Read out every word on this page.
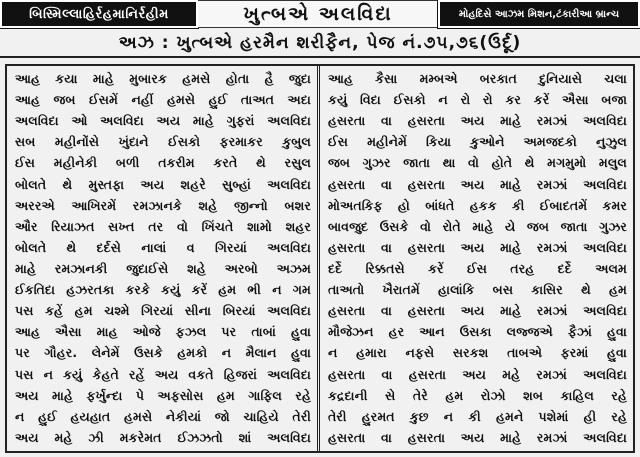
બિસ્મિલ્લાહિર્રહમાનિર્રહીમ	ખુત્બએ અલવિદા	મોહદિસે આઝમ મિશન,ટંકારીઆ બ્રાન્ચ
અઝ : ખુત્બએ હરમૈન શરીફૈન, પેજ નં.૭૫,૭૬(ઉર્દૂ)
આહ કયા માહે મુબારક હમસે હોતા હૈ જુદા
આહ જબ ઈસમેં નહીં હમસે હુઈ તાઅત અદા
અલવિદા ઓ અલવિદા અય માહે ગુફરાં અલવિદા
સબ મહીનોંસે ખુંદાને ઈસકો ફરમાકર કુબુલ
ઈસ મહીનેકી બળી તકરીમ કરતે થે રસુલ
બોલતે થે મુસ્તફા અય શહરે સુબ્હાં અલવિદા
અરરએ આખિરમેં રમઝાનકે શહે જીન્નો બશર
ઔર રિયાઝત સખ્ત તર વો ખિંચતે શામો શહર
બોલતે થે દર્દસે નાલાં વ ગિરયાં અલવિદા
માહે રમઝાનકી જુદાઈસે શહે અરબો અઝમ
ઈકતિદા હઝરતકા કરકે કયું કરેં હમ ભી ન ગમ
પસ કહેં હમ ચશ્મે ગિરયાં સીના બિરયાં અલવિદા
આહ ઐસા માહ ઓજે ફઝલ પર તાબાં હુવા
પર ગૌહર. લેનેમેં ઉસકે હમકો ન મૈલાન હુવા
પસ ન કયું કેહતે રહેં અય વકતે હિજરાં અલવિદા
અય માહે ફર્ખુન્દા પે અફસોસ હમ ગાફિલ રહે
ન હુઈ હયહાત હમસે નેકીયાં જો ચાહિયે તેરી
અય મહે ઝી મકરેમત ઈઝઝતો શાં અલવિદા
આહ કૈસા મમ્બએ બરકાત દુનિયાસે ચલા
કયું વિદા ઈસકો ન રો રો કર કરેં ઐસા બજા
હસરતા વા હસરતા અય માહે રમઝાં અલવિદા
ઈસ મહીનેમેં કિયા કુઓને અમજદકો નુઝુલ
જબ ગુઝર જાતા થા વો હોતે થે મગમુમો મલુલ
હસરતા વા હસરતા અય માહે રમઝાં અલવિદા
મોઅતકિફ હો બાંધતે હકક કી ઈબાદતમેં કમર
બાવજુદ ઉસકે વો રોતે માહે યે જબ જાતા ગુઝર
હસરતા વા હસરતા અય માહે રમઝાં અલવિદા
દર્દે રિક્કતસે કરેં ઈસ તરહ દર્દે અલમ
તાઅતો ખૈરાતમેં હાલાંકિ બસ કાસિર થે હમ
હસરતા વા હસરતા અય માહે રમઝાં અલવિદા
મૌજેઝન હર આન ઉસકા લજ્જએ ફૈઝાં હુવા
ન હમારા નફસે સરકશ તાબએ ફરમાં હુવા
હસરતા વા હસરતા અય મહે રમઝાં અલવિદા
કદ્રદાની સે તેરે હમ રોઝો શબ કાહિલ રહે
તેરી હુરમત કુછ ન કી હમને પશેમાં હી રહે
હસરતા વા હસરતા અય માહે રમઝાં અલવિદા
